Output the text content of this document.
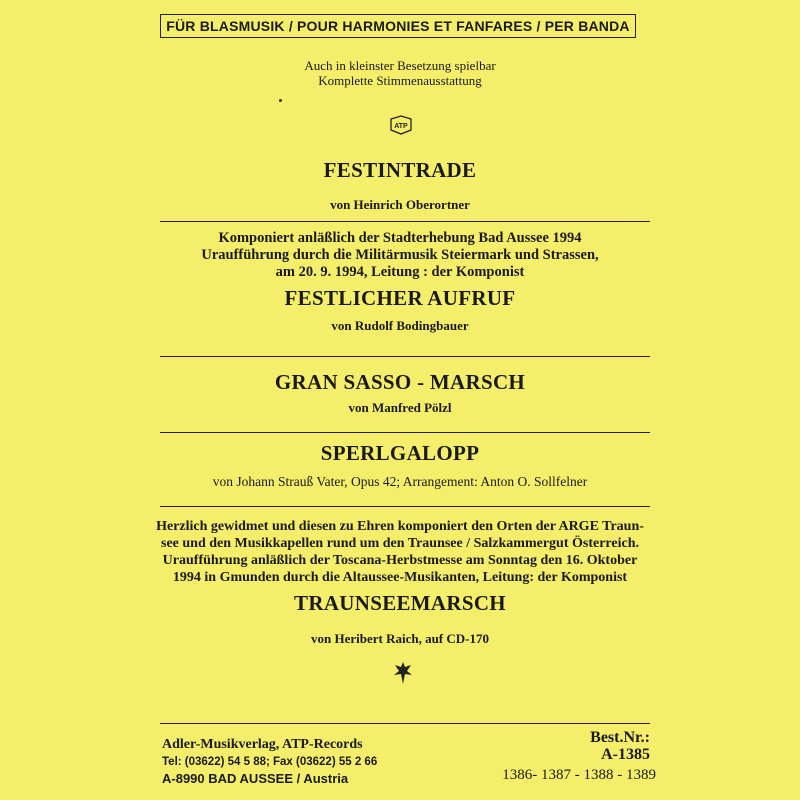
FÜR BLASMUSIK / POUR HARMONIES ET FANFARES / PER BANDA
Auch in kleinster Besetzung spielbar
Komplette Stimmenausstattung
ATP
FESTINTRADE
von Heinrich Oberortner
Komponiert anläßlich der Stadterhebung Bad Aussee 1994
Uraufführung durch die Militärmusik Steiermark und Strassen,
am 20. 9. 1994, Leitung : der Komponist
FESTLICHER AUFRUF
von Rudolf Bodingbauer
GRAN SASSO - MARSCH
von Manfred Pölzl
SPERLGALOPP
von Johann Strauß Vater, Opus 42; Arrangement: Anton O. Sollfelner
Herzlich gewidmet und diesen zu Ehren komponiert den Orten der ARGE Traun-
see und den Musikkapellen rund um den Traunsee / Salzkammergut Österreich.
Uraufführung anläßlich der Toscana-Herbstmesse am Sonntag den 16. Oktober
1994 in Gmunden durch die Altaussee-Musikanten, Leitung: der Komponist
TRAUNSEEMARSCH
von Heribert Raich, auf CD-170
Adler-Musikverlag, ATP-Records
Tel: (03622) 54 5 88; Fax (03622) 55 2 66
A-8990 BAD AUSSEE / Austria
Best.Nr.:
A-1385
1386- 1387 - 1388 - 1389
